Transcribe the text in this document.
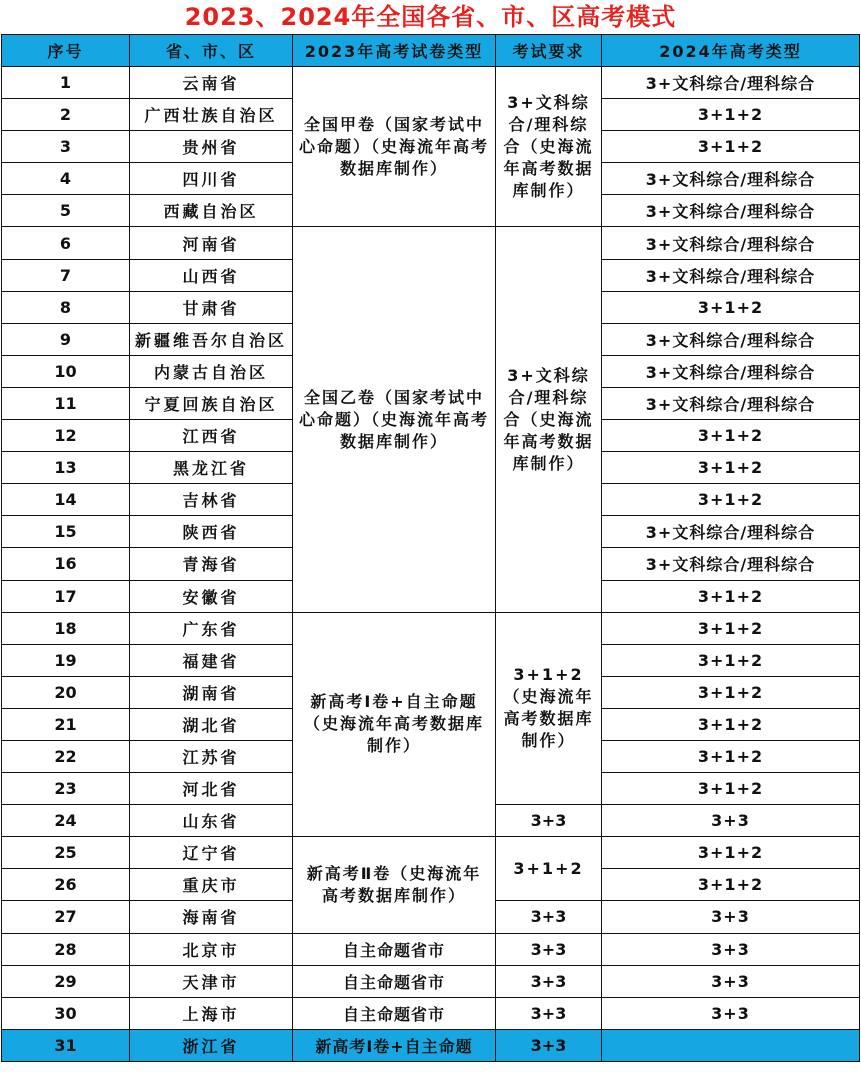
2023、2024年全国各省、市、区高考模式
序号	省、市、区	2023年高考试卷类型	考试要求	2024年高考类型
1	云南省	全国甲卷（国家考试中心命题）（史海流年高考数据库制作）	3+文科综合/理科综合（史海流年高考数据库制作）	3+文科综合/理科综合
2	广西壮族自治区			3+1+2
3	贵州省			3+1+2
4	四川省			3+文科综合/理科综合
5	西藏自治区			3+文科综合/理科综合
6	河南省	全国乙卷（国家考试中心命题）（史海流年高考数据库制作）	3+文科综合/理科综合（史海流年高考数据库制作）	3+文科综合/理科综合
7	山西省			3+文科综合/理科综合
8	甘肃省			3+1+2
9	新疆维吾尔自治区			3+文科综合/理科综合
10	内蒙古自治区			3+文科综合/理科综合
11	宁夏回族自治区			3+文科综合/理科综合
12	江西省			3+1+2
13	黑龙江省			3+1+2
14	吉林省			3+1+2
15	陕西省			3+文科综合/理科综合
16	青海省			3+文科综合/理科综合
17	安徽省			3+1+2
18	广东省	新高考Ⅰ卷+自主命题（史海流年高考数据库制作）	3+1+2（史海流年高考数据库制作）	3+1+2
19	福建省			3+1+2
20	湖南省			3+1+2
21	湖北省			3+1+2
22	江苏省			3+1+2
23	河北省			3+1+2
24	山东省		3+3	3+3
25	辽宁省	新高考Ⅱ卷（史海流年高考数据库制作）	3+1+2	3+1+2
26	重庆市			3+1+2
27	海南省		3+3	3+3
28	北京市	自主命题省市	3+3	3+3
29	天津市	自主命题省市	3+3	3+3
30	上海市	自主命题省市	3+3	3+3
31	浙江省	新高考Ⅰ卷+自主命题	3+3	
搜狐号@史海流年
